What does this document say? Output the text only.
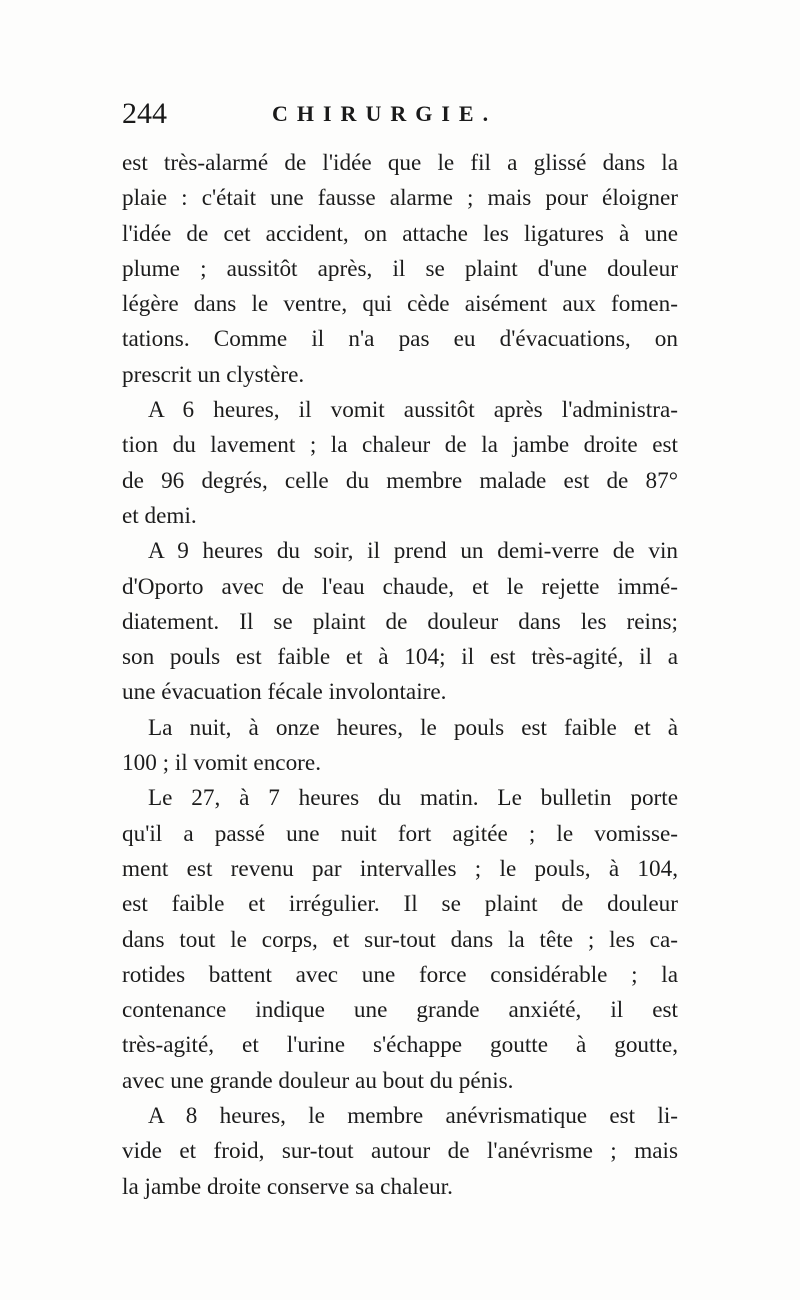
244	CHIRURGIE.
est très-alarmé de l'idée que le fil a glissé dans la
plaie : c'était une fausse alarme ; mais pour éloigner
l'idée de cet accident, on attache les ligatures à une
plume ; aussitôt après, il se plaint d'une douleur
légère dans le ventre, qui cède aisément aux fomen-
tations. Comme il n'a pas eu d'évacuations, on
prescrit un clystère.
A 6 heures, il vomit aussitôt après l'administra-
tion du lavement ; la chaleur de la jambe droite est
de 96 degrés, celle du membre malade est de 87°
et demi.
A 9 heures du soir, il prend un demi-verre de vin
d'Oporto avec de l'eau chaude, et le rejette immé-
diatement. Il se plaint de douleur dans les reins;
son pouls est faible et à 104; il est très-agité, il a
une évacuation fécale involontaire.
La nuit, à onze heures, le pouls est faible et à
100 ; il vomit encore.
Le 27, à 7 heures du matin. Le bulletin porte
qu'il a passé une nuit fort agitée ; le vomisse-
ment est revenu par intervalles ; le pouls, à 104,
est faible et irrégulier. Il se plaint de douleur
dans tout le corps, et sur-tout dans la tête ; les ca-
rotides battent avec une force considérable ; la
contenance indique une grande anxiété, il est
très-agité, et l'urine s'échappe goutte à goutte,
avec une grande douleur au bout du pénis.
A 8 heures, le membre anévrismatique est li-
vide et froid, sur-tout autour de l'anévrisme ; mais
la jambe droite conserve sa chaleur.
